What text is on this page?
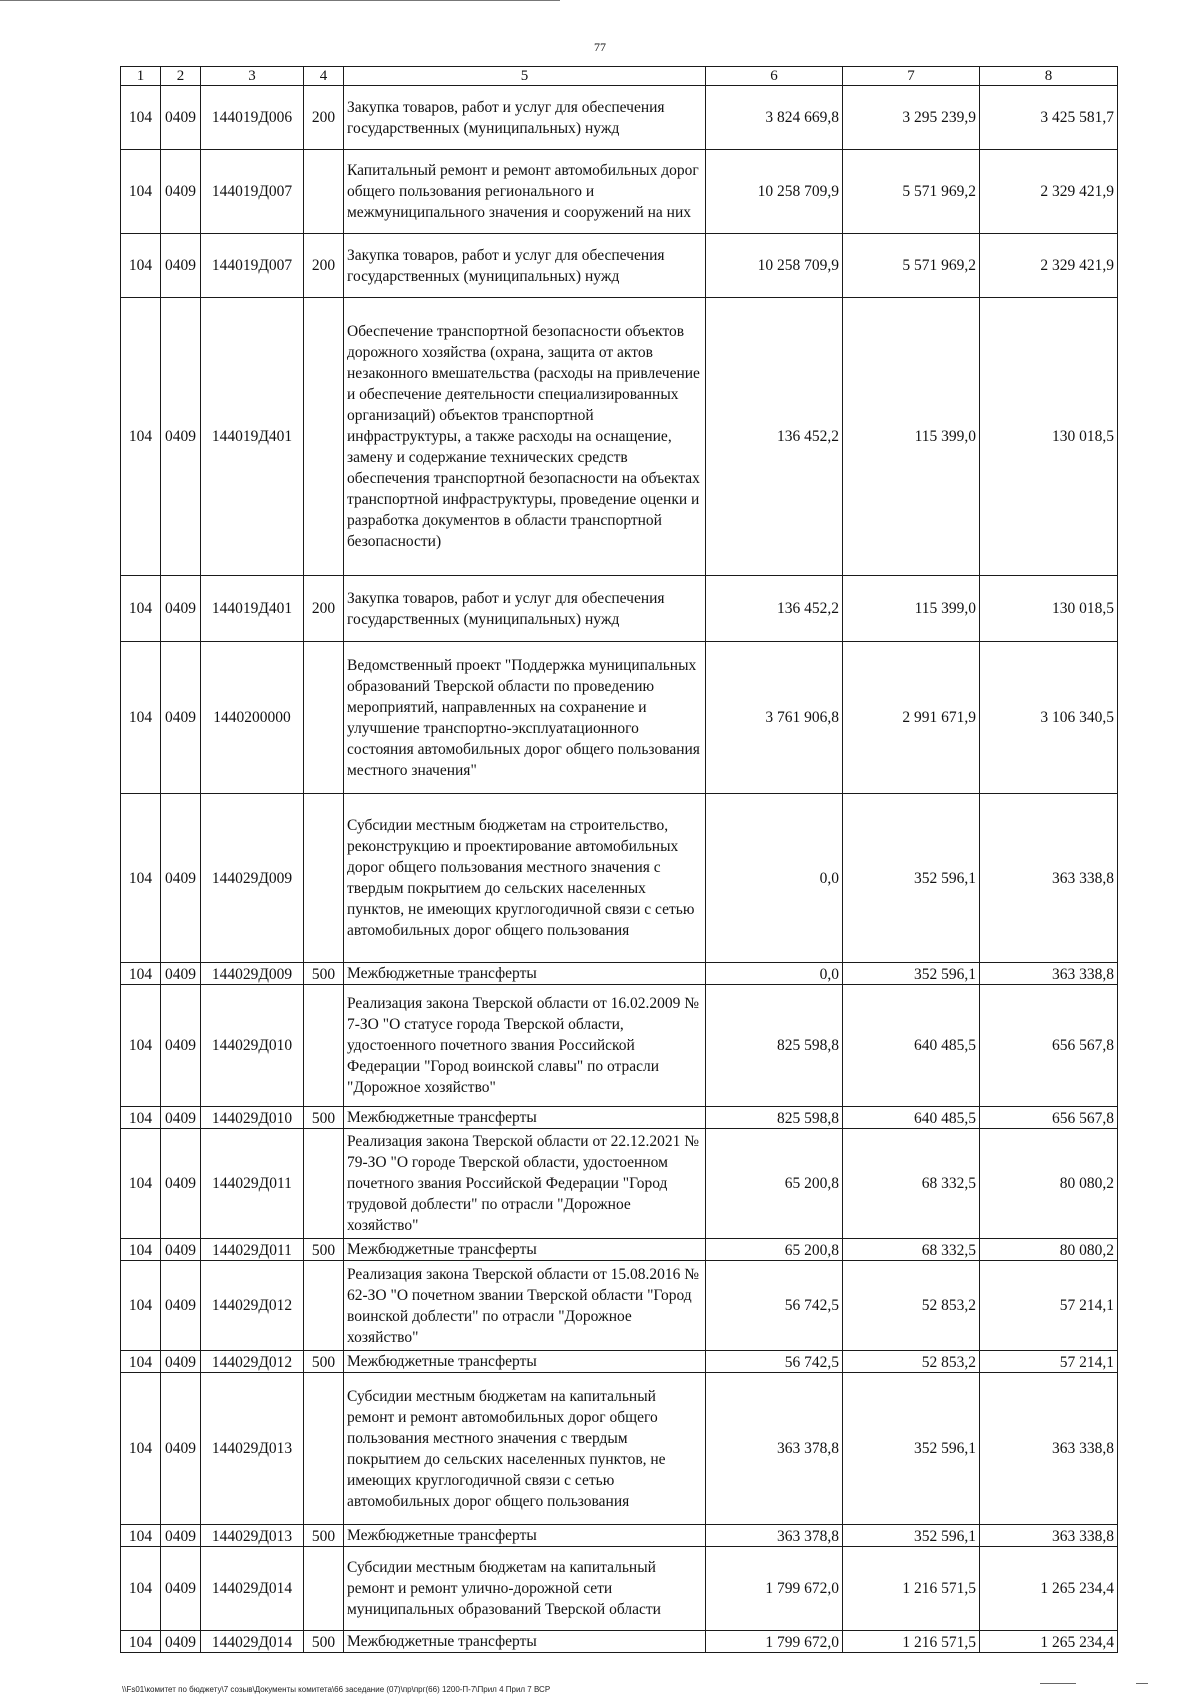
77
1	2	3	4	5	6	7	8
104	0409	144019Д006	200	Закупка товаров, работ и услуг для обеспечения государственных (муниципальных) нужд	3 824 669,8	3 295 239,9	3 425 581,7
104	0409	144019Д007		Капитальный ремонт и ремонт автомобильных дорог общего пользования регионального и межмуниципального значения и сооружений на них	10 258 709,9	5 571 969,2	2 329 421,9
104	0409	144019Д007	200	Закупка товаров, работ и услуг для обеспечения государственных (муниципальных) нужд	10 258 709,9	5 571 969,2	2 329 421,9
104	0409	144019Д401		Обеспечение транспортной безопасности объектов дорожного хозяйства (охрана, защита от актов незаконного вмешательства (расходы на привлечение и обеспечение деятельности специализированных организаций) объектов транспортной инфраструктуры, а также расходы на оснащение, замену и содержание технических средств обеспечения транспортной безопасности на объектах транспортной инфраструктуры, проведение оценки и разработка документов в области транспортной безопасности)	136 452,2	115 399,0	130 018,5
104	0409	144019Д401	200	Закупка товаров, работ и услуг для обеспечения государственных (муниципальных) нужд	136 452,2	115 399,0	130 018,5
104	0409	1440200000		Ведомственный проект "Поддержка муниципальных образований Тверской области по проведению мероприятий, направленных на сохранение и улучшение транспортно-эксплуатационного состояния автомобильных дорог общего пользования местного значения"	3 761 906,8	2 991 671,9	3 106 340,5
104	0409	144029Д009		Субсидии местным бюджетам на строительство, реконструкцию и проектирование автомобильных дорог общего пользования местного значения с твердым покрытием до сельских населенных пунктов, не имеющих круглогодичной связи с сетью автомобильных дорог общего пользования	0,0	352 596,1	363 338,8
104	0409	144029Д009	500	Межбюджетные трансферты	0,0	352 596,1	363 338,8
104	0409	144029Д010		Реализация закона Тверской области от 16.02.2009 № 7-ЗО "О статусе города Тверской области, удостоенного почетного звания Российской Федерации "Город воинской славы" по отрасли "Дорожное хозяйство"	825 598,8	640 485,5	656 567,8
104	0409	144029Д010	500	Межбюджетные трансферты	825 598,8	640 485,5	656 567,8
104	0409	144029Д011		Реализация закона Тверской области от 22.12.2021 № 79-ЗО "О городе Тверской области, удостоенном почетного звания Российской Федерации "Город трудовой доблести" по отрасли "Дорожное хозяйство"	65 200,8	68 332,5	80 080,2
104	0409	144029Д011	500	Межбюджетные трансферты	65 200,8	68 332,5	80 080,2
104	0409	144029Д012		Реализация закона Тверской области от 15.08.2016 № 62-ЗО "О почетном звании Тверской области "Город воинской доблести" по отрасли "Дорожное хозяйство"	56 742,5	52 853,2	57 214,1
104	0409	144029Д012	500	Межбюджетные трансферты	56 742,5	52 853,2	57 214,1
104	0409	144029Д013		Субсидии местным бюджетам на капитальный ремонт и ремонт автомобильных дорог общего пользования местного значения с твердым покрытием до сельских населенных пунктов, не имеющих круглогодичной связи с сетью автомобильных дорог общего пользования	363 378,8	352 596,1	363 338,8
104	0409	144029Д013	500	Межбюджетные трансферты	363 378,8	352 596,1	363 338,8
104	0409	144029Д014		Субсидии местным бюджетам на капитальный ремонт и ремонт улично-дорожной сети муниципальных образований Тверской области	1 799 672,0	1 216 571,5	1 265 234,4
104	0409	144029Д014	500	Межбюджетные трансферты	1 799 672,0	1 216 571,5	1 265 234,4
\\Fs01\комитет по бюджету\7 созыв\Документы комитета\66 заседание (07)\пр\прг(66) 1200-П-7\Прил 4 Прил 7 ВСР
